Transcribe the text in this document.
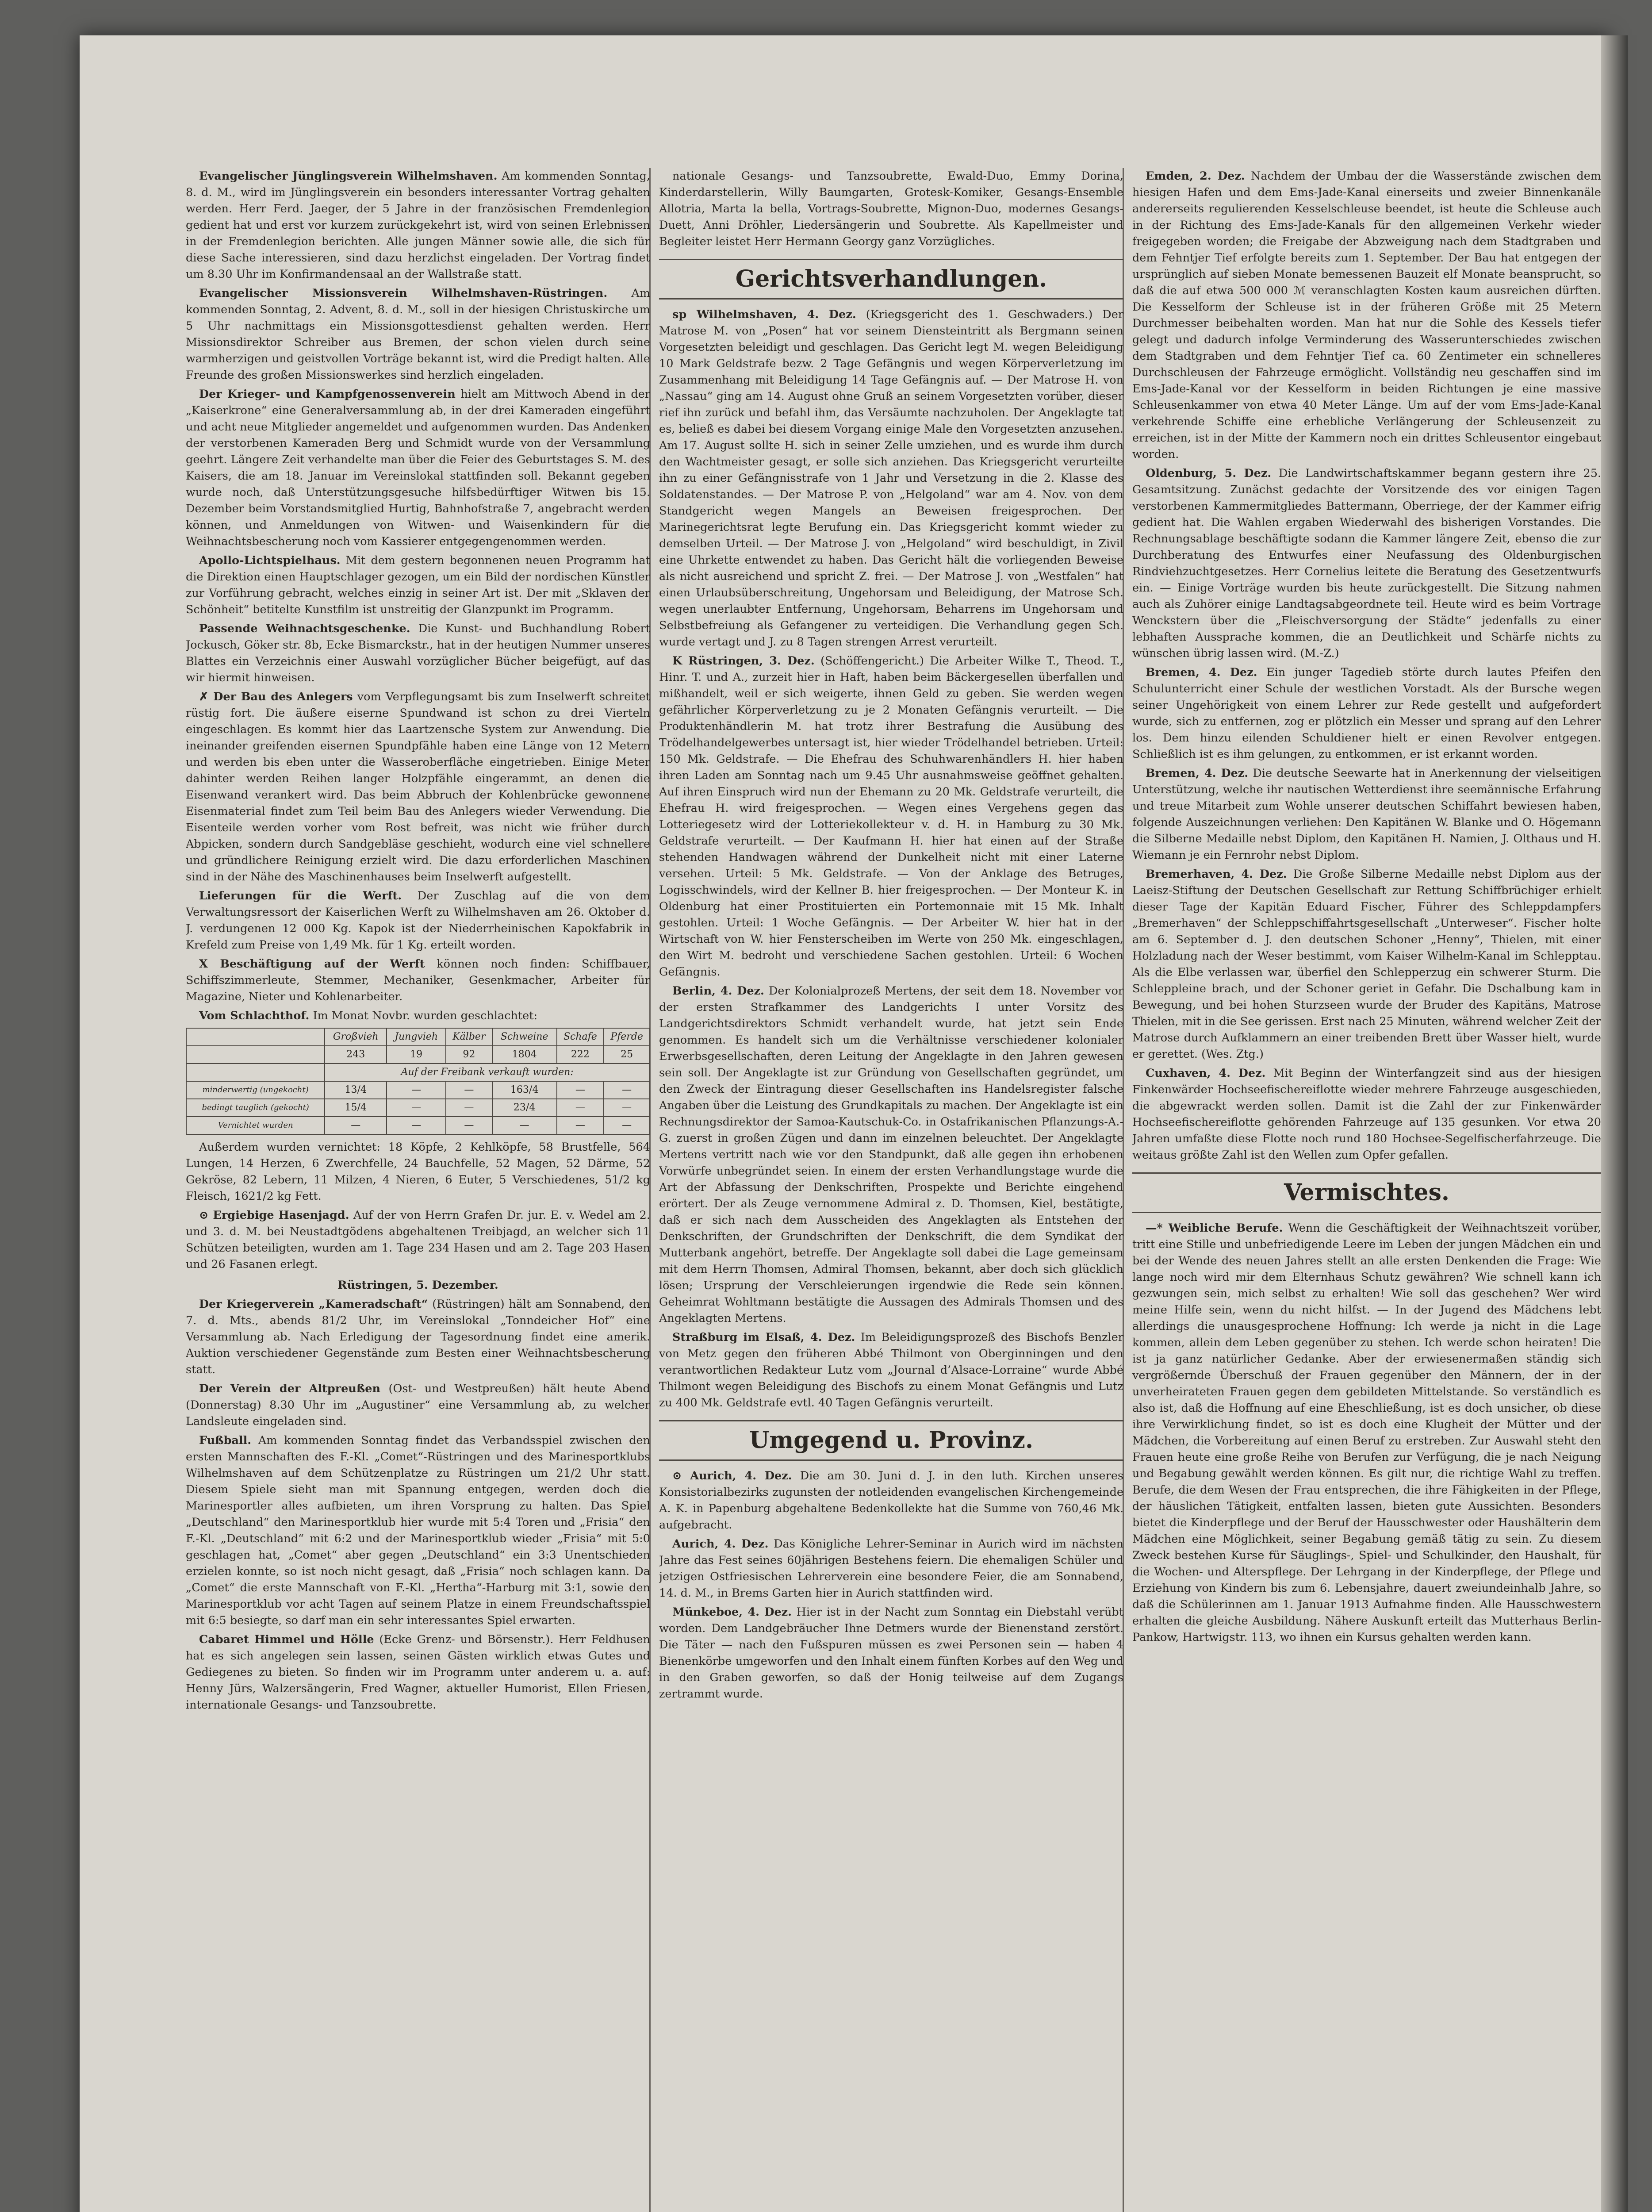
Evangelischer Jünglingsverein Wilhelmshaven. Am kommenden Sonntag, 8. d. M., wird im Jünglingsverein ein besonders interessanter Vortrag gehalten werden. Herr Ferd. Jaeger, der 5 Jahre in der französischen Fremdenlegion gedient hat und erst vor kurzem zurückgekehrt ist, wird von seinen Erlebnissen in der Fremdenlegion berichten. Alle jungen Männer sowie alle, die sich für diese Sache interessieren, sind dazu herzlichst eingeladen. Der Vortrag findet um 8.30 Uhr im Konfirmandensaal an der Wallstraße statt.

Evangelischer Missionsverein Wilhelmshaven-Rüstringen. Am kommenden Sonntag, 2. Advent, 8. d. M., soll in der hiesigen Christuskirche um 5 Uhr nachmittags ein Missionsgottesdienst gehalten werden. Herr Missionsdirektor Schreiber aus Bremen, der schon vielen durch seine warmherzigen und geistvollen Vorträge bekannt ist, wird die Predigt halten. Alle Freunde des großen Missionswerkes sind herzlich eingeladen.

Der Krieger- und Kampfgenossenverein hielt am Mittwoch Abend in der „Kaiserkrone“ eine Generalversammlung ab, in der drei Kameraden eingeführt und acht neue Mitglieder angemeldet und aufgenommen wurden. Das Andenken der verstorbenen Kameraden Berg und Schmidt wurde von der Versammlung geehrt. Längere Zeit verhandelte man über die Feier des Geburtstages S. M. des Kaisers, die am 18. Januar im Vereinslokal stattfinden soll. Bekannt gegeben wurde noch, daß Unterstützungsgesuche hilfsbedürftiger Witwen bis 15. Dezember beim Vorstandsmitglied Hurtig, Bahnhofstraße 7, angebracht werden können, und Anmeldungen von Witwen- und Waisenkindern für die Weihnachtsbescherung noch vom Kassierer entgegengenommen werden.

Apollo-Lichtspielhaus. Mit dem gestern begonnenen neuen Programm hat die Direktion einen Hauptschlager gezogen, um ein Bild der nordischen Künstler zur Vorführung gebracht, welches einzig in seiner Art ist. Der mit „Sklaven der Schönheit“ betitelte Kunstfilm ist unstreitig der Glanzpunkt im Programm.

Passende Weihnachtsgeschenke. Die Kunst- und Buchhandlung Robert Jockusch, Göker str. 8b, Ecke Bismarckstr., hat in der heutigen Nummer unseres Blattes ein Verzeichnis einer Auswahl vorzüglicher Bücher beigefügt, auf das wir hiermit hinweisen.

✗ Der Bau des Anlegers vom Verpflegungsamt bis zum Inselwerft schreitet rüstig fort. Die äußere eiserne Spundwand ist schon zu drei Vierteln eingeschlagen. Es kommt hier das Laartzensche System zur Anwendung. Die ineinander greifenden eisernen Spundpfähle haben eine Länge von 12 Metern und werden bis eben unter die Wasseroberfläche eingetrieben. Einige Meter dahinter werden Reihen langer Holzpfähle eingerammt, an denen die Eisenwand verankert wird. Das beim Abbruch der Kohlenbrücke gewonnene Eisenmaterial findet zum Teil beim Bau des Anlegers wieder Verwendung. Die Eisenteile werden vorher vom Rost befreit, was nicht wie früher durch Abpicken, sondern durch Sandgebläse geschieht, wodurch eine viel schnellere und gründlichere Reinigung erzielt wird. Die dazu erforderlichen Maschinen sind in der Nähe des Maschinenhauses beim Inselwerft aufgestellt.

Lieferungen für die Werft. Der Zuschlag auf die von dem Verwaltungsressort der Kaiserlichen Werft zu Wilhelmshaven am 26. Oktober d. J. verdungenen 12 000 Kg. Kapok ist der Niederrheinischen Kapokfabrik in Krefeld zum Preise von 1,49 Mk. für 1 Kg. erteilt worden.

X Beschäftigung auf der Werft können noch finden: Schiffbauer, Schiffszimmerleute, Stemmer, Mechaniker, Gesenkmacher, Arbeiter für Magazine, Nieter und Kohlenarbeiter.

Vom Schlachthof. Im Monat Novbr. wurden geschlachtet:

	Großvieh	Jungvieh	Kälber	Schweine	Schafe	Pferde
	243	19	92	1804	222	25
	Auf der Freibank verkauft wurden:					
minderwertig (ungekocht)	13/4	—	—	163/4	—	—
bedingt tauglich (gekocht)	15/4	—	—	23/4	—	—
Vernichtet wurden	—	—	—	—	—	—

Außerdem wurden vernichtet: 18 Köpfe, 2 Kehlköpfe, 58 Brustfelle, 564 Lungen, 14 Herzen, 6 Zwerchfelle, 24 Bauchfelle, 52 Magen, 52 Därme, 52 Gekröse, 82 Lebern, 11 Milzen, 4 Nieren, 6 Euter, 5 Verschiedenes, 51/2 kg Fleisch, 1621/2 kg Fett.

⊙ Ergiebige Hasenjagd. Auf der von Herrn Grafen Dr. jur. E. v. Wedel am 2. und 3. d. M. bei Neustadtgödens abgehaltenen Treibjagd, an welcher sich 11 Schützen beteiligten, wurden am 1. Tage 234 Hasen und am 2. Tage 203 Hasen und 26 Fasanen erlegt.

Rüstringen, 5. Dezember.

Der Kriegerverein „Kameradschaft“ (Rüstringen) hält am Sonnabend, den 7. d. Mts., abends 81/2 Uhr, im Vereinslokal „Tonndeicher Hof“ eine Versammlung ab. Nach Erledigung der Tagesordnung findet eine amerik. Auktion verschiedener Gegenstände zum Besten einer Weihnachtsbescherung statt.

Der Verein der Altpreußen (Ost- und Westpreußen) hält heute Abend (Donnerstag) 8.30 Uhr im „Augustiner“ eine Versammlung ab, zu welcher Landsleute eingeladen sind.

Fußball. Am kommenden Sonntag findet das Verbandsspiel zwischen den ersten Mannschaften des F.-Kl. „Comet“-Rüstringen und des Marinesportklubs Wilhelmshaven auf dem Schützenplatze zu Rüstringen um 21/2 Uhr statt. Diesem Spiele sieht man mit Spannung entgegen, werden doch die Marinesportler alles aufbieten, um ihren Vorsprung zu halten. Das Spiel „Deutschland“ den Marinesportklub hier wurde mit 5:4 Toren und „Frisia“ den F.-Kl. „Deutschland“ mit 6:2 und der Marinesportklub wieder „Frisia“ mit 5:0 geschlagen hat, „Comet“ aber gegen „Deutschland“ ein 3:3 Unentschieden erzielen konnte, so ist noch nicht gesagt, daß „Frisia“ noch schlagen kann. Da „Comet“ die erste Mannschaft von F.-Kl. „Hertha“-Harburg mit 3:1, sowie den Marinesportklub vor acht Tagen auf seinem Platze in einem Freundschaftsspiel mit 6:5 besiegte, so darf man ein sehr interessantes Spiel erwarten.

Cabaret Himmel und Hölle (Ecke Grenz- und Börsenstr.). Herr Feldhusen hat es sich angelegen sein lassen, seinen Gästen wirklich etwas Gutes und Gediegenes zu bieten. So finden wir im Programm unter anderem u. a. auf: Henny Jürs, Walzersängerin, Fred Wagner, aktueller Humorist, Ellen Friesen, internationale Gesangs- und Tanzsoubrette.

nationale Gesangs- und Tanzsoubrette, Ewald-Duo, Emmy Dorina, Kinderdarstellerin, Willy Baumgarten, Grotesk-Komiker, Gesangs-Ensemble Allotria, Marta la bella, Vortrags-Soubrette, Mignon-Duo, modernes Gesangs-Duett, Anni Dröhler, Liedersängerin und Soubrette. Als Kapellmeister und Begleiter leistet Herr Hermann Georgy ganz Vorzügliches.

Gerichtsverhandlungen.

sp Wilhelmshaven, 4. Dez. (Kriegsgericht des 1. Geschwaders.) Der Matrose M. von „Posen“ hat vor seinem Diensteintritt als Bergmann seinen Vorgesetzten beleidigt und geschlagen. Das Gericht legt M. wegen Beleidigung 10 Mark Geldstrafe bezw. 2 Tage Gefängnis und wegen Körperverletzung im Zusammenhang mit Beleidigung 14 Tage Gefängnis auf. — Der Matrose H. von „Nassau“ ging am 14. August ohne Gruß an seinem Vorgesetzten vorüber, dieser rief ihn zurück und befahl ihm, das Versäumte nachzuholen. Der Angeklagte tat es, beließ es dabei bei diesem Vorgang einige Male den Vorgesetzten anzusehen. Am 17. August sollte H. sich in seiner Zelle umziehen, und es wurde ihm durch den Wachtmeister gesagt, er solle sich anziehen. Das Kriegsgericht verurteilte ihn zu einer Gefängnisstrafe von 1 Jahr und Versetzung in die 2. Klasse des Soldatenstandes. — Der Matrose P. von „Helgoland“ war am 4. Nov. von dem Standgericht wegen Mangels an Beweisen freigesprochen. Der Marinegerichtsrat legte Berufung ein. Das Kriegsgericht kommt wieder zu demselben Urteil. — Der Matrose J. von „Helgoland“ wird beschuldigt, in Zivil eine Uhrkette entwendet zu haben. Das Gericht hält die vorliegenden Beweise als nicht ausreichend und spricht Z. frei. — Der Matrose J. von „Westfalen“ hat einen Urlaubsüberschreitung, Ungehorsam und Beleidigung, der Matrose Sch. wegen unerlaubter Entfernung, Ungehorsam, Beharrens im Ungehorsam und Selbstbefreiung als Gefangener zu verteidigen. Die Verhandlung gegen Sch. wurde vertagt und J. zu 8 Tagen strengen Arrest verurteilt.

K Rüstringen, 3. Dez. (Schöffengericht.) Die Arbeiter Wilke T., Theod. T., Hinr. T. und A., zurzeit hier in Haft, haben beim Bäckergesellen überfallen und mißhandelt, weil er sich weigerte, ihnen Geld zu geben. Sie werden wegen gefährlicher Körperverletzung zu je 2 Monaten Gefängnis verurteilt. — Die Produktenhändlerin M. hat trotz ihrer Bestrafung die Ausübung des Trödelhandelgewerbes untersagt ist, hier wieder Trödelhandel betrieben. Urteil: 150 Mk. Geldstrafe. — Die Ehefrau des Schuhwarenhändlers H. hier haben ihren Laden am Sonntag nach um 9.45 Uhr ausnahmsweise geöffnet gehalten. Auf ihren Einspruch wird nun der Ehemann zu 20 Mk. Geldstrafe verurteilt, die Ehefrau H. wird freigesprochen. — Wegen eines Vergehens gegen das Lotteriegesetz wird der Lotteriekollekteur v. d. H. in Hamburg zu 30 Mk. Geldstrafe verurteilt. — Der Kaufmann H. hier hat einen auf der Straße stehenden Handwagen während der Dunkelheit nicht mit einer Laterne versehen. Urteil: 5 Mk. Geldstrafe. — Von der Anklage des Betruges, Logisschwindels, wird der Kellner B. hier freigesprochen. — Der Monteur K. in Oldenburg hat einer Prostituierten ein Portemonnaie mit 15 Mk. Inhalt gestohlen. Urteil: 1 Woche Gefängnis. — Der Arbeiter W. hier hat in der Wirtschaft von W. hier Fensterscheiben im Werte von 250 Mk. eingeschlagen, den Wirt M. bedroht und verschiedene Sachen gestohlen. Urteil: 6 Wochen Gefängnis.

Berlin, 4. Dez. Der Kolonialprozeß Mertens, der seit dem 18. November vor der ersten Strafkammer des Landgerichts I unter Vorsitz des Landgerichtsdirektors Schmidt verhandelt wurde, hat jetzt sein Ende genommen. Es handelt sich um die Verhältnisse verschiedener kolonialer Erwerbsgesellschaften, deren Leitung der Angeklagte in den Jahren gewesen sein soll. Der Angeklagte ist zur Gründung von Gesellschaften gegründet, um den Zweck der Eintragung dieser Gesellschaften ins Handelsregister falsche Angaben über die Leistung des Grundkapitals zu machen. Der Angeklagte ist ein Rechnungsdirektor der Samoa-Kautschuk-Co. in Ostafrikanischen Pflanzungs-A.-G. zuerst in großen Zügen und dann im einzelnen beleuchtet. Der Angeklagte Mertens vertritt nach wie vor den Standpunkt, daß alle gegen ihn erhobenen Vorwürfe unbegründet seien. In einem der ersten Verhandlungstage wurde die Art der Abfassung der Denkschriften, Prospekte und Berichte eingehend erörtert. Der als Zeuge vernommene Admiral z. D. Thomsen, Kiel, bestätigte, daß er sich nach dem Ausscheiden des Angeklagten als Entstehen der Denkschriften, der Grundschriften der Denkschrift, die dem Syndikat der Mutterbank angehört, betreffe. Der Angeklagte soll dabei die Lage gemeinsam mit dem Herrn Thomsen, Admiral Thomsen, bekannt, aber doch sich glücklich lösen; Ursprung der Verschleierungen irgendwie die Rede sein können. Geheimrat Wohltmann bestätigte die Aussagen des Admirals Thomsen und des Angeklagten Mertens.

Straßburg im Elsaß, 4. Dez. Im Beleidigungsprozeß des Bischofs Benzler von Metz gegen den früheren Abbé Thilmont von Oberginningen und den verantwortlichen Redakteur Lutz vom „Journal d’Alsace-Lorraine“ wurde Abbé Thilmont wegen Beleidigung des Bischofs zu einem Monat Gefängnis und Lutz zu 400 Mk. Geldstrafe evtl. 40 Tagen Gefängnis verurteilt.

Umgegend u. Provinz.

⊙ Aurich, 4. Dez. Die am 30. Juni d. J. in den luth. Kirchen unseres Konsistorialbezirks zugunsten der notleidenden evangelischen Kirchengemeinde A. K. in Papenburg abgehaltene Bedenkollekte hat die Summe von 760,46 Mk. aufgebracht.

Aurich, 4. Dez. Das Königliche Lehrer-Seminar in Aurich wird im nächsten Jahre das Fest seines 60jährigen Bestehens feiern. Die ehemaligen Schüler und jetzigen Ostfriesischen Lehrerverein eine besondere Feier, die am Sonnabend, 14. d. M., in Brems Garten hier in Aurich stattfinden wird.

Münkeboe, 4. Dez. Hier ist in der Nacht zum Sonntag ein Diebstahl verübt worden. Dem Landgebräucher Ihne Detmers wurde der Bienenstand zerstört. Die Täter — nach den Fußspuren müssen es zwei Personen sein — haben 4 Bienenkörbe umgeworfen und den Inhalt einem fünften Korbes auf den Weg und in den Graben geworfen, so daß der Honig teilweise auf dem Zugangs zertrammt wurde.

Emden, 2. Dez. Nachdem der Umbau der die Wasserstände zwischen dem hiesigen Hafen und dem Ems-Jade-Kanal einerseits und zweier Binnenkanäle andererseits regulierenden Kesselschleuse beendet, ist heute die Schleuse auch in der Richtung des Ems-Jade-Kanals für den allgemeinen Verkehr wieder freigegeben worden; die Freigabe der Abzweigung nach dem Stadtgraben und dem Fehntjer Tief erfolgte bereits zum 1. September. Der Bau hat entgegen der ursprünglich auf sieben Monate bemessenen Bauzeit elf Monate beansprucht, so daß die auf etwa 500 000 ℳ veranschlagten Kosten kaum ausreichen dürften. Die Kesselform der Schleuse ist in der früheren Größe mit 25 Metern Durchmesser beibehalten worden. Man hat nur die Sohle des Kessels tiefer gelegt und dadurch infolge Verminderung des Wasserunterschiedes zwischen dem Stadtgraben und dem Fehntjer Tief ca. 60 Zentimeter ein schnelleres Durchschleusen der Fahrzeuge ermöglicht. Vollständig neu geschaffen sind im Ems-Jade-Kanal vor der Kesselform in beiden Richtungen je eine massive Schleusenkammer von etwa 40 Meter Länge. Um auf der vom Ems-Jade-Kanal verkehrende Schiffe eine erhebliche Verlängerung der Schleusenzeit zu erreichen, ist in der Mitte der Kammern noch ein drittes Schleusentor eingebaut worden.

Oldenburg, 5. Dez. Die Landwirtschaftskammer begann gestern ihre 25. Gesamtsitzung. Zunächst gedachte der Vorsitzende des vor einigen Tagen verstorbenen Kammermitgliedes Battermann, Oberriege, der der Kammer eifrig gedient hat. Die Wahlen ergaben Wiederwahl des bisherigen Vorstandes. Die Rechnungsablage beschäftigte sodann die Kammer längere Zeit, ebenso die zur Durchberatung des Entwurfes einer Neufassung des Oldenburgischen Rindviehzuchtgesetzes. Herr Cornelius leitete die Beratung des Gesetzentwurfs ein. — Einige Vorträge wurden bis heute zurückgestellt. Die Sitzung nahmen auch als Zuhörer einige Landtagsabgeordnete teil. Heute wird es beim Vortrage Wenckstern über die „Fleischversorgung der Städte“ jedenfalls zu einer lebhaften Aussprache kommen, die an Deutlichkeit und Schärfe nichts zu wünschen übrig lassen wird. (M.-Z.)

Bremen, 4. Dez. Ein junger Tagedieb störte durch lautes Pfeifen den Schulunterricht einer Schule der westlichen Vorstadt. Als der Bursche wegen seiner Ungehörigkeit von einem Lehrer zur Rede gestellt und aufgefordert wurde, sich zu entfernen, zog er plötzlich ein Messer und sprang auf den Lehrer los. Dem hinzu eilenden Schuldiener hielt er einen Revolver entgegen. Schließlich ist es ihm gelungen, zu entkommen, er ist erkannt worden.

Bremen, 4. Dez. Die deutsche Seewarte hat in Anerkennung der vielseitigen Unterstützung, welche ihr nautischen Wetterdienst ihre seemännische Erfahrung und treue Mitarbeit zum Wohle unserer deutschen Schiffahrt bewiesen haben, folgende Auszeichnungen verliehen: Den Kapitänen W. Blanke und O. Högemann die Silberne Medaille nebst Diplom, den Kapitänen H. Namien, J. Olthaus und H. Wiemann je ein Fernrohr nebst Diplom.

Bremerhaven, 4. Dez. Die Große Silberne Medaille nebst Diplom aus der Laeisz-Stiftung der Deutschen Gesellschaft zur Rettung Schiffbrüchiger erhielt dieser Tage der Kapitän Eduard Fischer, Führer des Schleppdampfers „Bremerhaven“ der Schleppschiffahrtsgesellschaft „Unterweser“. Fischer holte am 6. September d. J. den deutschen Schoner „Henny“, Thielen, mit einer Holzladung nach der Weser bestimmt, vom Kaiser Wilhelm-Kanal im Schlepptau. Als die Elbe verlassen war, überfiel den Schlepperzug ein schwerer Sturm. Die Schleppleine brach, und der Schoner geriet in Gefahr. Die Dschalbung kam in Bewegung, und bei hohen Sturzseen wurde der Bruder des Kapitäns, Matrose Thielen, mit in die See gerissen. Erst nach 25 Minuten, während welcher Zeit der Matrose durch Aufklammern an einer treibenden Brett über Wasser hielt, wurde er gerettet. (Wes. Ztg.)

Cuxhaven, 4. Dez. Mit Beginn der Winterfangzeit sind aus der hiesigen Finkenwärder Hochseefischereiflotte wieder mehrere Fahrzeuge ausgeschieden, die abgewrackt werden sollen. Damit ist die Zahl der zur Finkenwärder Hochseefischereiflotte gehörenden Fahrzeuge auf 135 gesunken. Vor etwa 20 Jahren umfaßte diese Flotte noch rund 180 Hochsee-Segelfischerfahrzeuge. Die weitaus größte Zahl ist den Wellen zum Opfer gefallen.

Vermischtes.

—* Weibliche Berufe. Wenn die Geschäftigkeit der Weihnachtszeit vorüber, tritt eine Stille und unbefriedigende Leere im Leben der jungen Mädchen ein und bei der Wende des neuen Jahres stellt an alle ersten Denkenden die Frage: Wie lange noch wird mir dem Elternhaus Schutz gewähren? Wie schnell kann ich gezwungen sein, mich selbst zu erhalten! Wie soll das geschehen? Wer wird meine Hilfe sein, wenn du nicht hilfst. — In der Jugend des Mädchens lebt allerdings die unausgesprochene Hoffnung: Ich werde ja nicht in die Lage kommen, allein dem Leben gegenüber zu stehen. Ich werde schon heiraten! Die ist ja ganz natürlicher Gedanke. Aber der erwiesenermaßen ständig sich vergrößernde Überschuß der Frauen gegenüber den Männern, der in der unverheirateten Frauen gegen dem gebildeten Mittelstande. So verständlich es also ist, daß die Hoffnung auf eine Eheschließung, ist es doch unsicher, ob diese ihre Verwirklichung findet, so ist es doch eine Klugheit der Mütter und der Mädchen, die Vorbereitung auf einen Beruf zu erstreben. Zur Auswahl steht den Frauen heute eine große Reihe von Berufen zur Verfügung, die je nach Neigung und Begabung gewählt werden können. Es gilt nur, die richtige Wahl zu treffen. Berufe, die dem Wesen der Frau entsprechen, die ihre Fähigkeiten in der Pflege, der häuslichen Tätigkeit, entfalten lassen, bieten gute Aussichten. Besonders bietet die Kinderpflege und der Beruf der Hausschwester oder Haushälterin dem Mädchen eine Möglichkeit, seiner Begabung gemäß tätig zu sein. Zu diesem Zweck bestehen Kurse für Säuglings-, Spiel- und Schulkinder, den Haushalt, für die Wochen- und Alterspflege. Der Lehrgang in der Kinderpflege, der Pflege und Erziehung von Kindern bis zum 6. Lebensjahre, dauert zweiundeinhalb Jahre, so daß die Schülerinnen am 1. Januar 1913 Aufnahme finden. Alle Hausschwestern erhalten die gleiche Ausbildung. Nähere Auskunft erteilt das Mutterhaus Berlin-Pankow, Hartwigstr. 113, wo ihnen ein Kursus gehalten werden kann.
